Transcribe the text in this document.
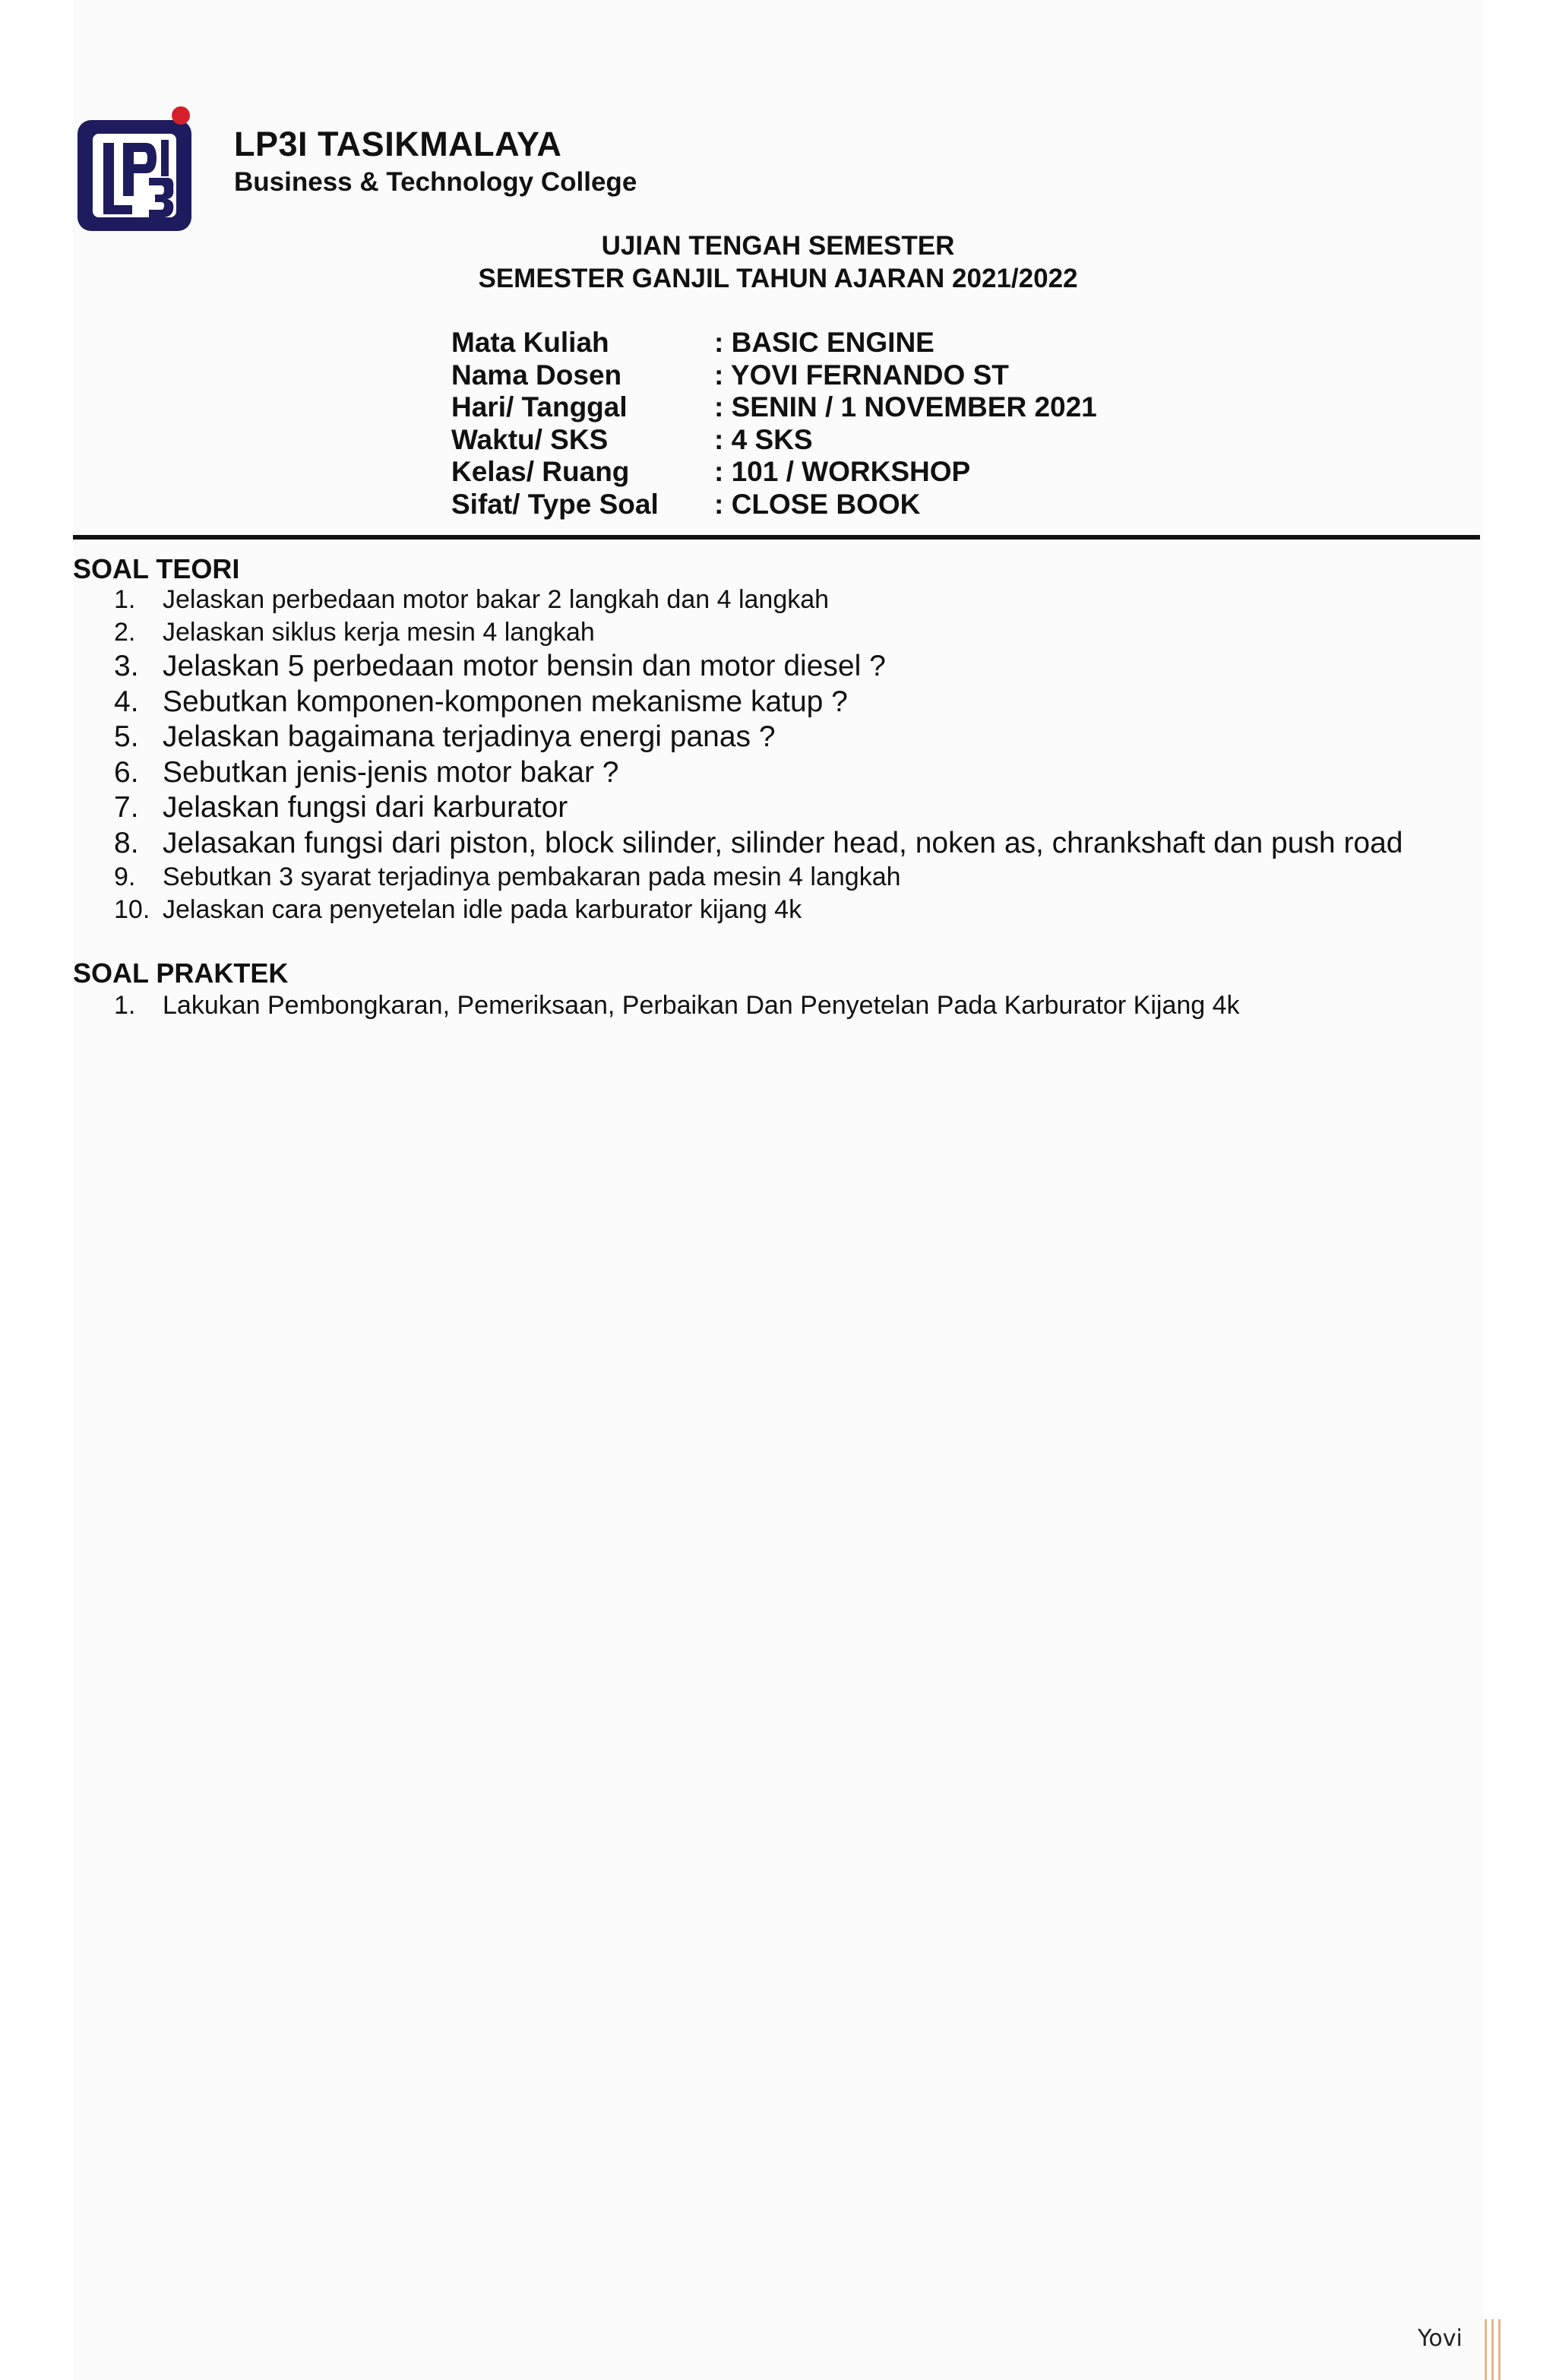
LP3I TASIKMALAYA
Business & Technology College
UJIAN TENGAH SEMESTER
SEMESTER GANJIL TAHUN AJARAN 2021/2022
Mata Kuliah	: BASIC ENGINE
Nama Dosen	: YOVI FERNANDO ST
Hari/ Tanggal	: SENIN / 1 NOVEMBER 2021
Waktu/ SKS	: 4 SKS
Kelas/ Ruang	: 101 / WORKSHOP
Sifat/ Type Soal	: CLOSE BOOK
SOAL TEORI
1. Jelaskan perbedaan motor bakar 2 langkah dan 4 langkah
2. Jelaskan siklus kerja mesin 4 langkah
3. Jelaskan 5 perbedaan motor bensin dan motor diesel ?
4. Sebutkan komponen-komponen mekanisme katup ?
5. Jelaskan bagaimana terjadinya energi panas ?
6. Sebutkan jenis-jenis motor bakar ?
7. Jelaskan fungsi dari karburator
8. Jelasakan fungsi dari piston, block silinder, silinder head, noken as, chrankshaft dan push road
9. Sebutkan 3 syarat terjadinya pembakaran pada mesin 4 langkah
10. Jelaskan cara penyetelan idle pada karburator kijang 4k
SOAL PRAKTEK
1. Lakukan Pembongkaran, Pemeriksaan, Perbaikan Dan Penyetelan Pada Karburator Kijang 4k
Yovi
